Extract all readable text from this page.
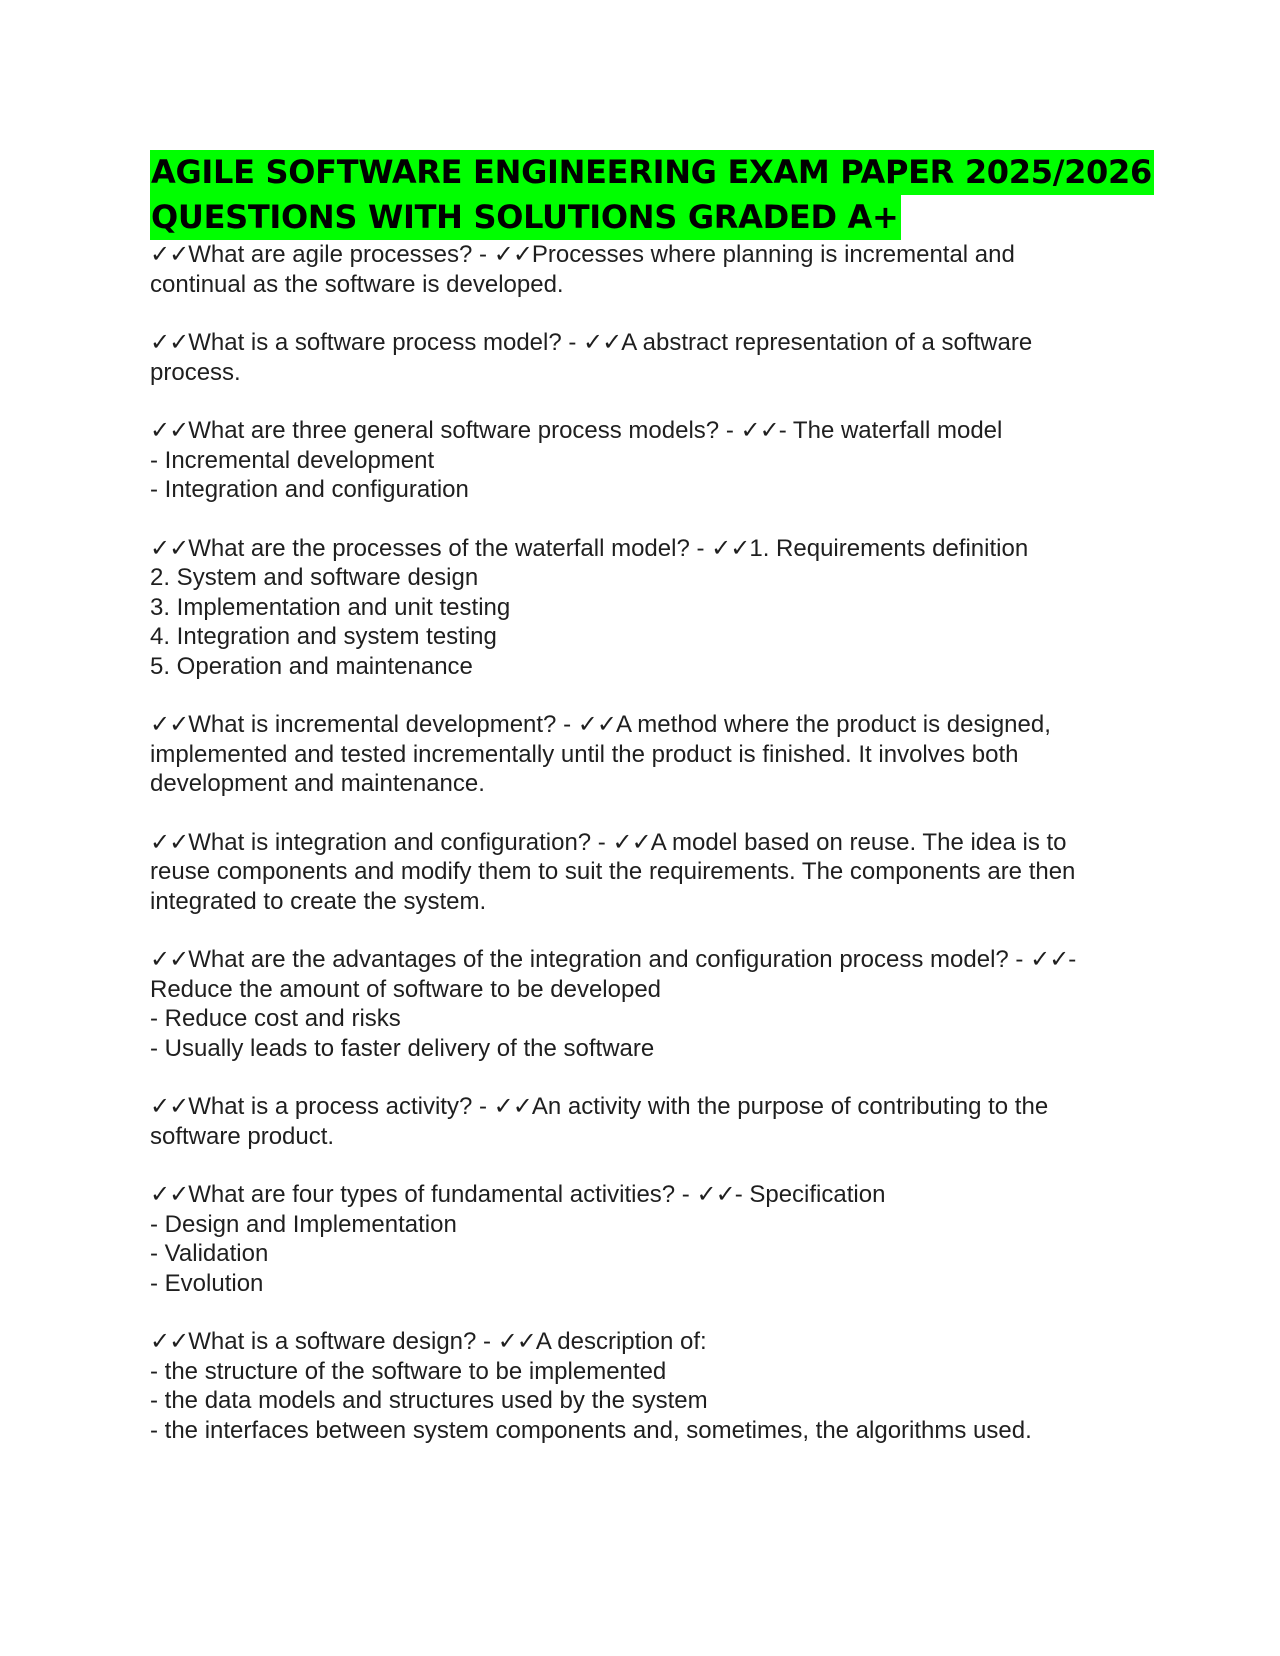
AGILE SOFTWARE ENGINEERING EXAM PAPER 2025/2026
QUESTIONS WITH SOLUTIONS GRADED A+
✓✓What are agile processes? - ✓✓Processes where planning is incremental and
continual as the software is developed.
✓✓What is a software process model? - ✓✓A abstract representation of a software
process.
✓✓What are three general software process models? - ✓✓- The waterfall model
- Incremental development
- Integration and configuration
✓✓What are the processes of the waterfall model? - ✓✓1. Requirements definition
2. System and software design
3. Implementation and unit testing
4. Integration and system testing
5. Operation and maintenance
✓✓What is incremental development? - ✓✓A method where the product is designed,
implemented and tested incrementally until the product is finished. It involves both
development and maintenance.
✓✓What is integration and configuration? - ✓✓A model based on reuse. The idea is to
reuse components and modify them to suit the requirements. The components are then
integrated to create the system.
✓✓What are the advantages of the integration and configuration process model? - ✓✓-
Reduce the amount of software to be developed
- Reduce cost and risks
- Usually leads to faster delivery of the software
✓✓What is a process activity? - ✓✓An activity with the purpose of contributing to the
software product.
✓✓What are four types of fundamental activities? - ✓✓- Specification
- Design and Implementation
- Validation
- Evolution
✓✓What is a software design? - ✓✓A description of:
- the structure of the software to be implemented
- the data models and structures used by the system
- the interfaces between system components and, sometimes, the algorithms used.
